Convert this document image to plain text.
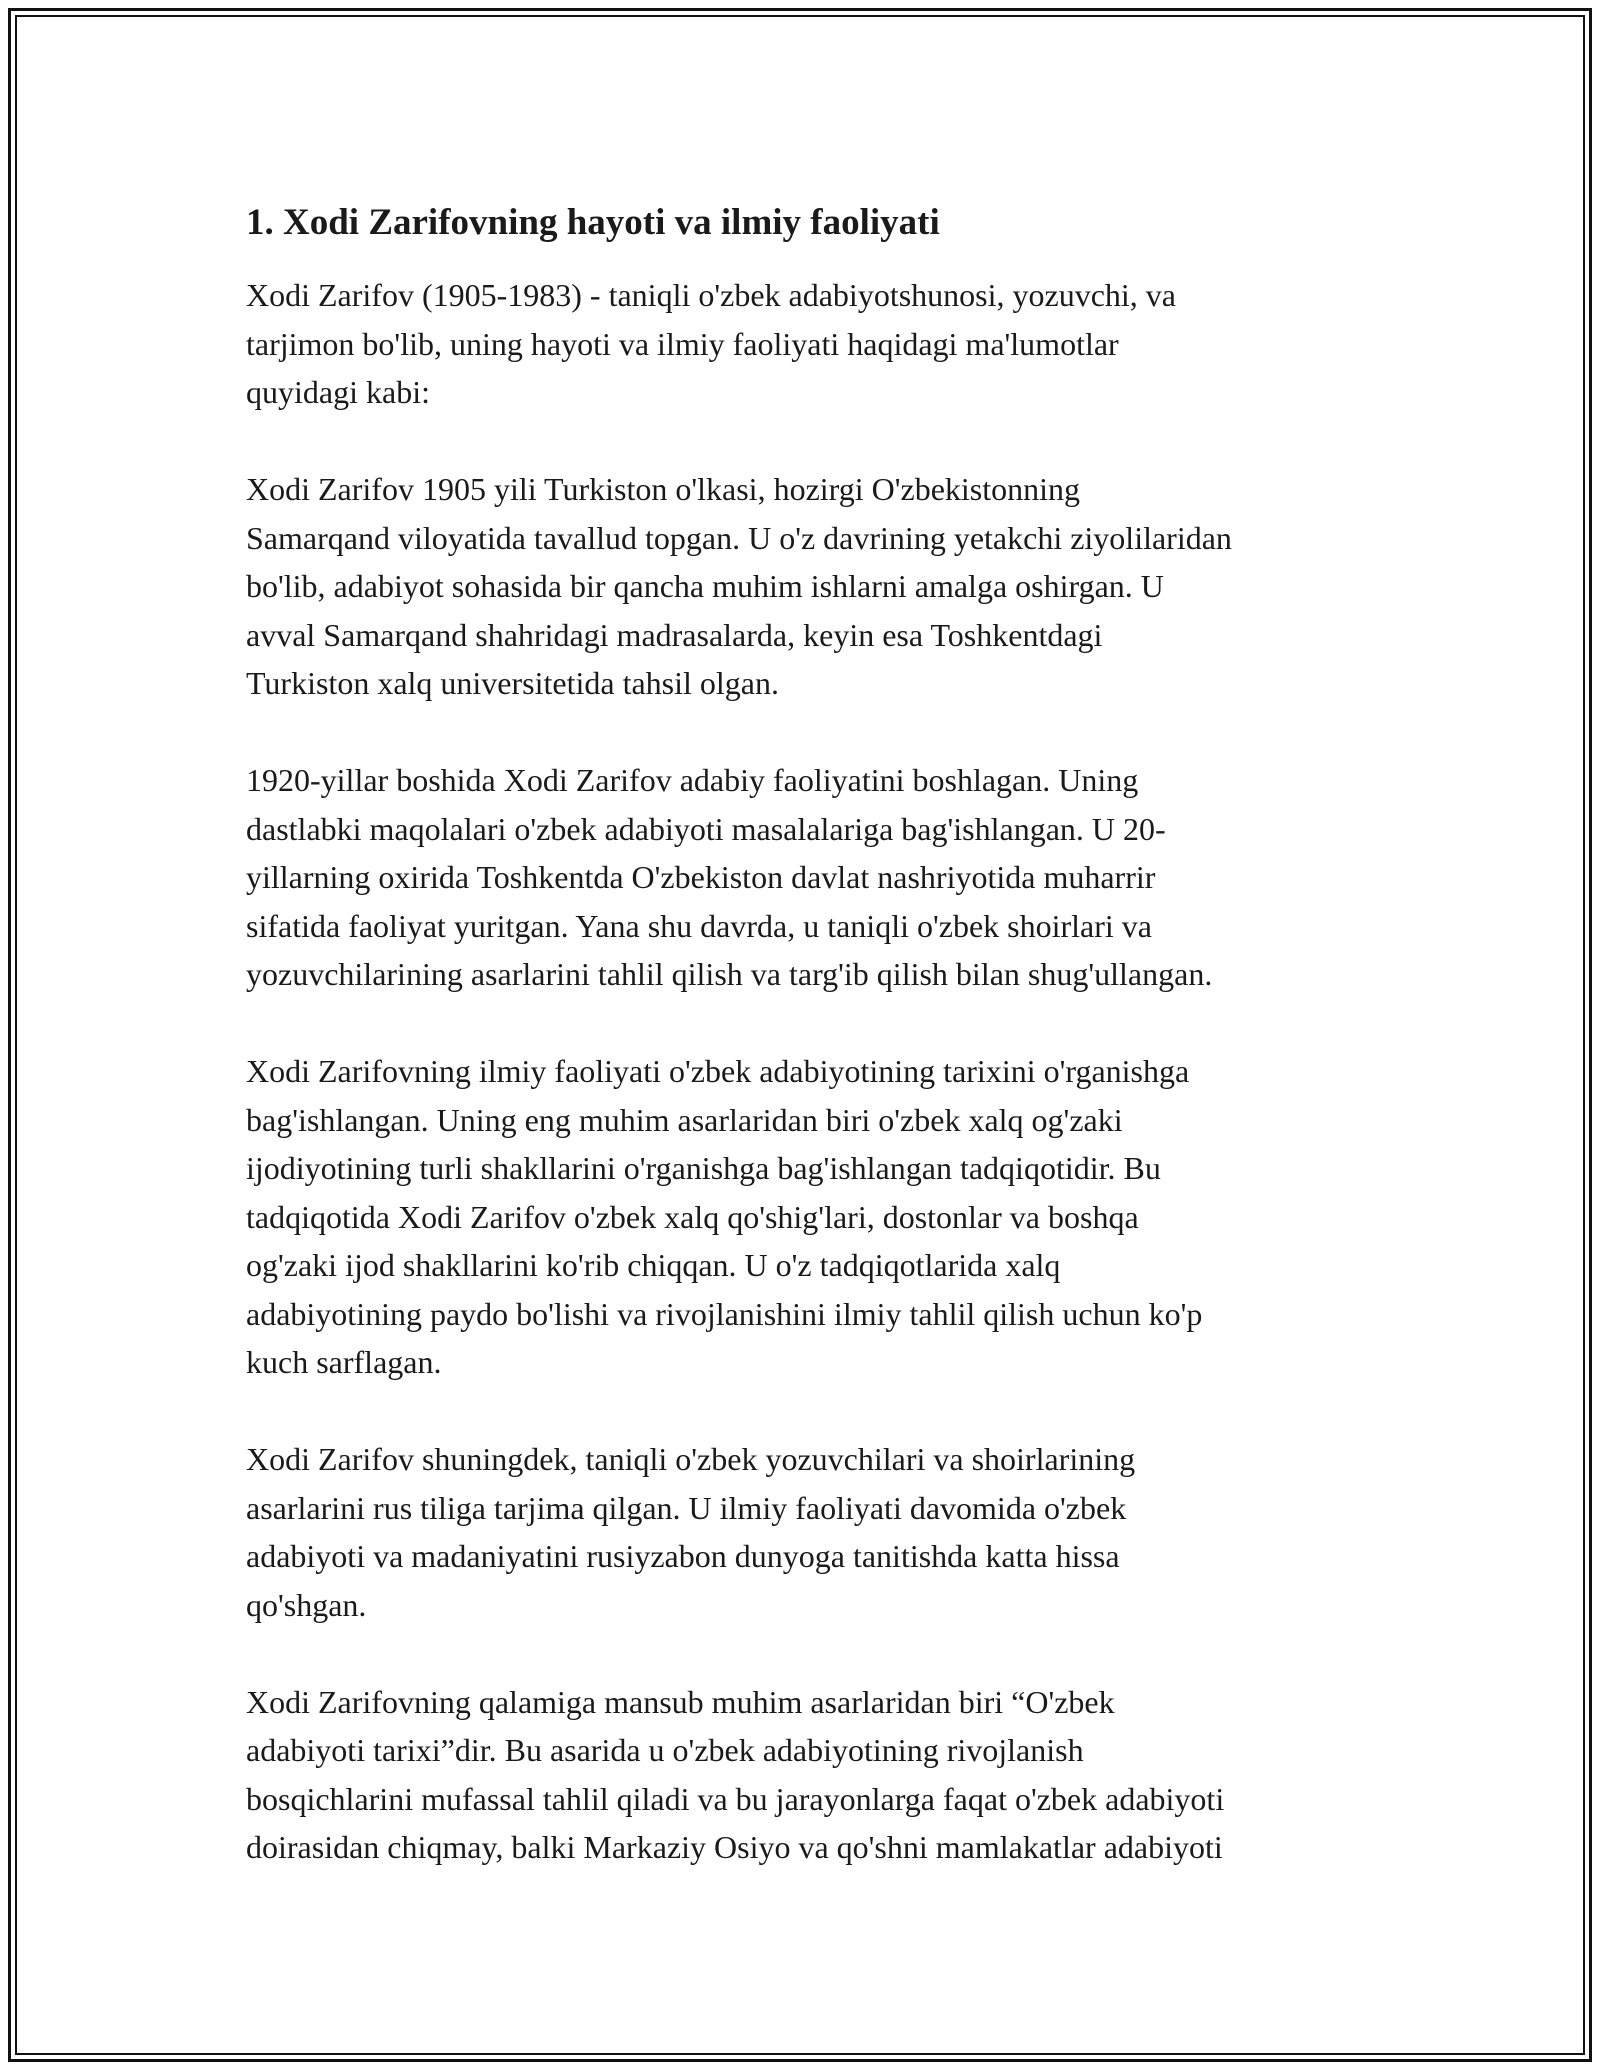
1. Xodi Zarifovning hayoti va ilmiy faoliyati

Xodi Zarifov (1905-1983) - taniqli o'zbek adabiyotshunosi, yozuvchi, va
tarjimon bo'lib, uning hayoti va ilmiy faoliyati haqidagi ma'lumotlar
quyidagi kabi:

Xodi Zarifov 1905 yili Turkiston o'lkasi, hozirgi O'zbekistonning
Samarqand viloyatida tavallud topgan. U o'z davrining yetakchi ziyolilaridan
bo'lib, adabiyot sohasida bir qancha muhim ishlarni amalga oshirgan. U
avval Samarqand shahridagi madrasalarda, keyin esa Toshkentdagi
Turkiston xalq universitetida tahsil olgan.

1920-yillar boshida Xodi Zarifov adabiy faoliyatini boshlagan. Uning
dastlabki maqolalari o'zbek adabiyoti masalalariga bag'ishlangan. U 20-
yillarning oxirida Toshkentda O'zbekiston davlat nashriyotida muharrir
sifatida faoliyat yuritgan. Yana shu davrda, u taniqli o'zbek shoirlari va
yozuvchilarining asarlarini tahlil qilish va targ'ib qilish bilan shug'ullangan.

Xodi Zarifovning ilmiy faoliyati o'zbek adabiyotining tarixini o'rganishga
bag'ishlangan. Uning eng muhim asarlaridan biri o'zbek xalq og'zaki
ijodiyotining turli shakllarini o'rganishga bag'ishlangan tadqiqotidir. Bu
tadqiqotida Xodi Zarifov o'zbek xalq qo'shig'lari, dostonlar va boshqa
og'zaki ijod shakllarini ko'rib chiqqan. U o'z tadqiqotlarida xalq
adabiyotining paydo bo'lishi va rivojlanishini ilmiy tahlil qilish uchun ko'p
kuch sarflagan.

Xodi Zarifov shuningdek, taniqli o'zbek yozuvchilari va shoirlarining
asarlarini rus tiliga tarjima qilgan. U ilmiy faoliyati davomida o'zbek
adabiyoti va madaniyatini rusiyzabon dunyoga tanitishda katta hissa
qo'shgan.

Xodi Zarifovning qalamiga mansub muhim asarlaridan biri “O'zbek
adabiyoti tarixi”dir. Bu asarida u o'zbek adabiyotining rivojlanish
bosqichlarini mufassal tahlil qiladi va bu jarayonlarga faqat o'zbek adabiyoti
doirasidan chiqmay, balki Markaziy Osiyo va qo'shni mamlakatlar adabiyoti
